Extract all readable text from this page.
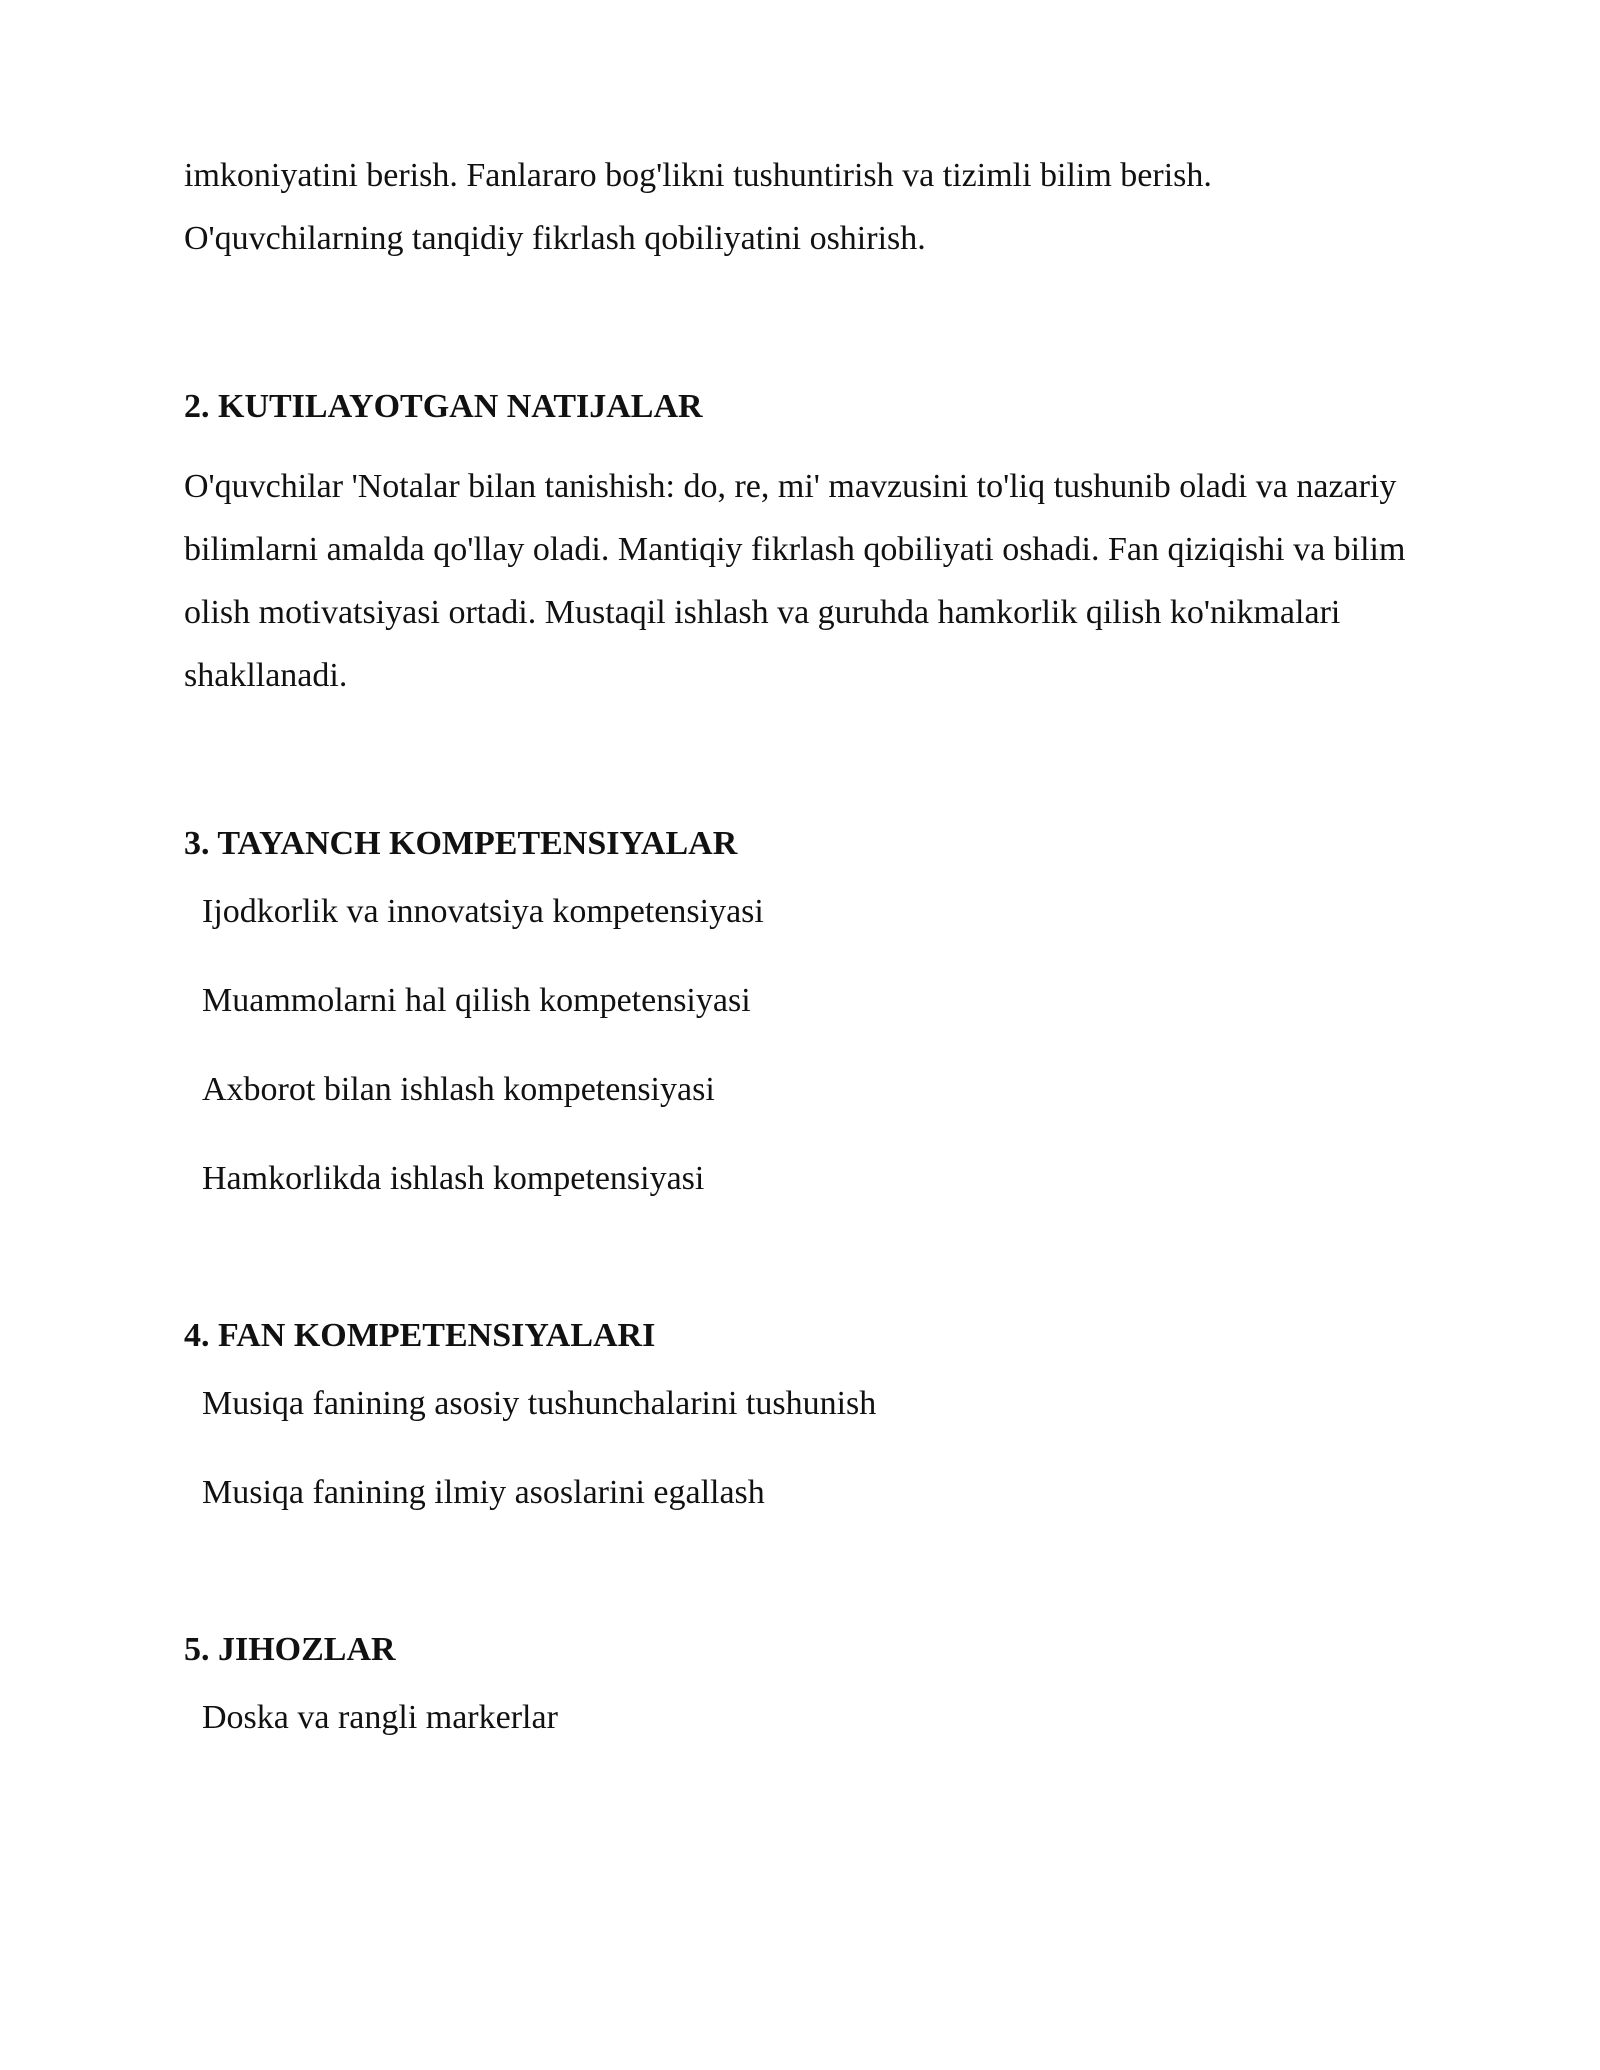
imkoniyatini berish. Fanlararo bog'likni tushuntirish va tizimli bilim berish.
O'quvchilarning tanqidiy fikrlash qobiliyatini oshirish.

2. KUTILAYOTGAN NATIJALAR

O'quvchilar 'Notalar bilan tanishish: do, re, mi' mavzusini to'liq tushunib oladi va nazariy bilimlarni amalda qo'llay oladi. Mantiqiy fikrlash qobiliyati oshadi. Fan qiziqishi va bilim olish motivatsiyasi ortadi. Mustaqil ishlash va guruhda hamkorlik qilish ko'nikmalari shakllanadi.

3. TAYANCH KOMPETENSIYALAR
Ijodkorlik va innovatsiya kompetensiyasi
Muammolarni hal qilish kompetensiyasi
Axborot bilan ishlash kompetensiyasi
Hamkorlikda ishlash kompetensiyasi
4. FAN KOMPETENSIYALARI
Musiqa fanining asosiy tushunchalarini tushunish
Musiqa fanining ilmiy asoslarini egallash
5. JIHOZLAR
Doska va rangli markerlar
